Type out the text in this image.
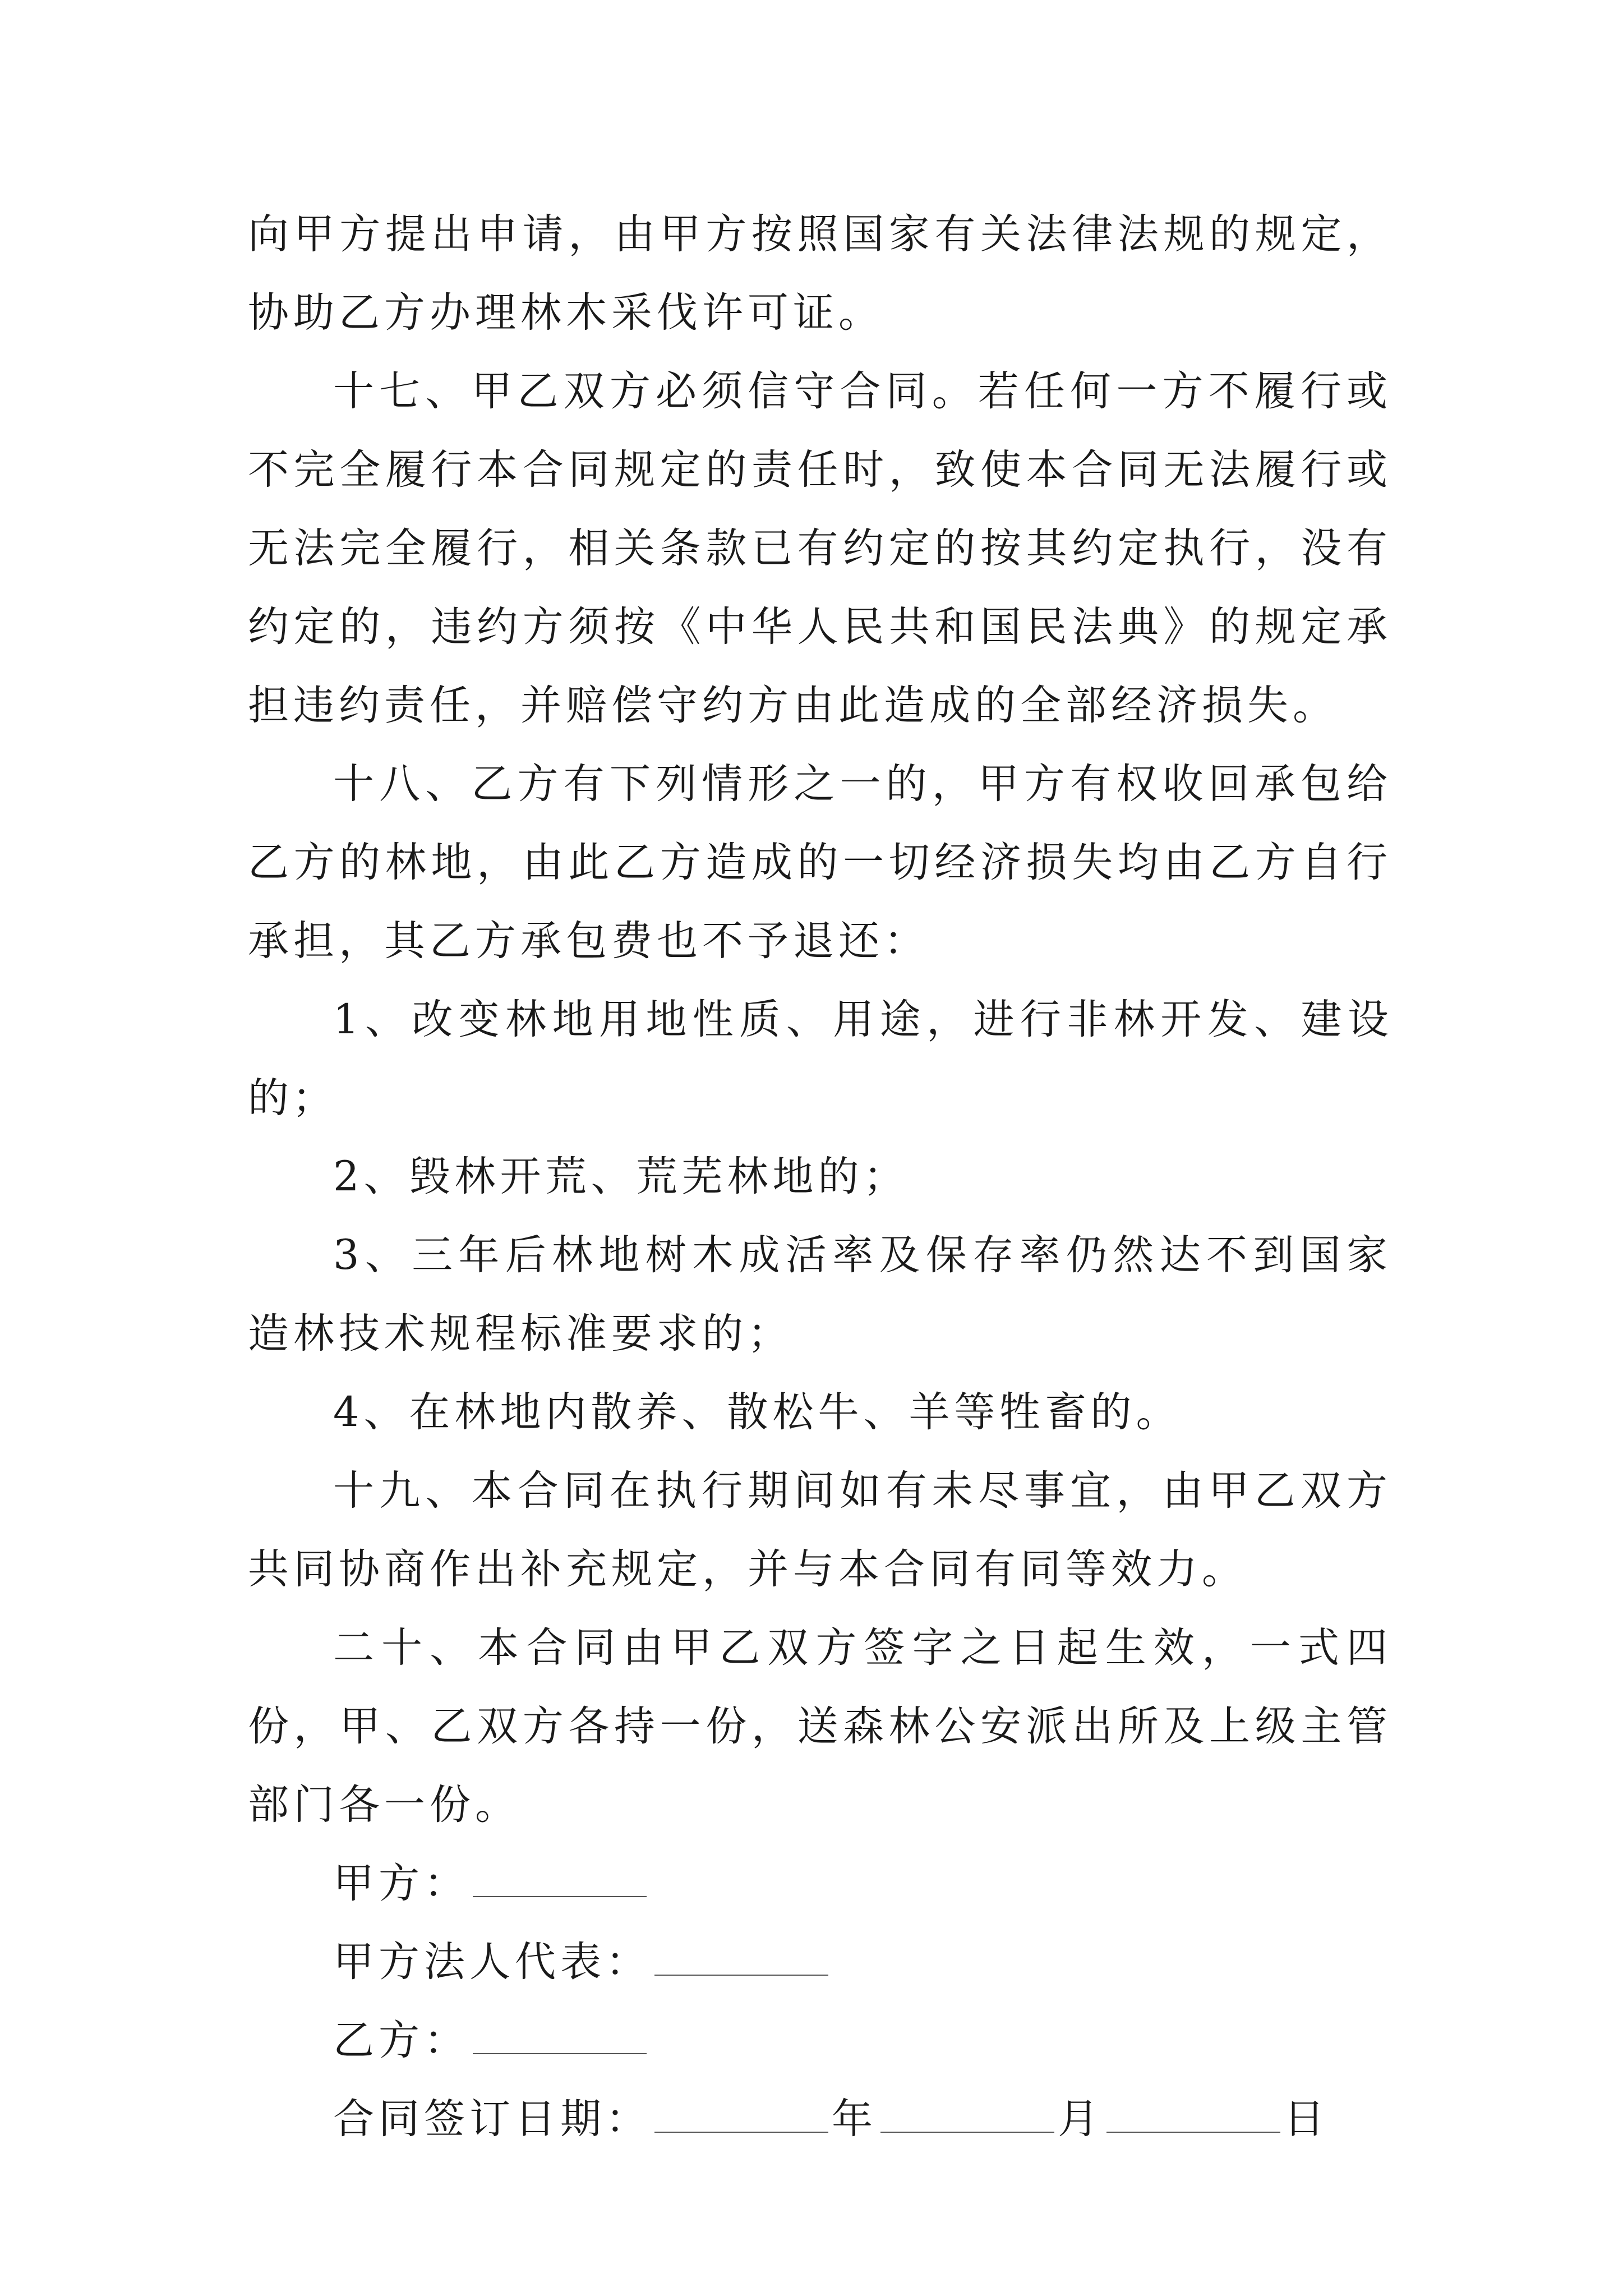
向甲方提出申请，由甲方按照国家有关法律法规的规定，协助乙方办理林木采伐许可证。

十七、甲乙双方必须信守合同。若任何一方不履行或不完全履行本合同规定的责任时，致使本合同无法履行或无法完全履行，相关条款已有约定的按其约定执行，没有约定的，违约方须按《中华人民共和国民法典》的规定承担违约责任，并赔偿守约方由此造成的全部经济损失。

十八、乙方有下列情形之一的，甲方有权收回承包给乙方的林地，由此乙方造成的一切经济损失均由乙方自行承担，其乙方承包费也不予退还：

1、改变林地用地性质、用途，进行非林开发、建设的；

2、毁林开荒、荒芜林地的；

3、三年后林地树木成活率及保存率仍然达不到国家造林技术规程标准要求的；

4、在林地内散养、散松牛、羊等牲畜的。

十九、本合同在执行期间如有未尽事宜，由甲乙双方共同协商作出补充规定，并与本合同有同等效力。

二十、本合同由甲乙双方签字之日起生效，一式四份，甲、乙双方各持一份，送森林公安派出所及上级主管部门各一份。

甲方：
甲方法人代表：
乙方：
合同签订日期：	年	月	日
